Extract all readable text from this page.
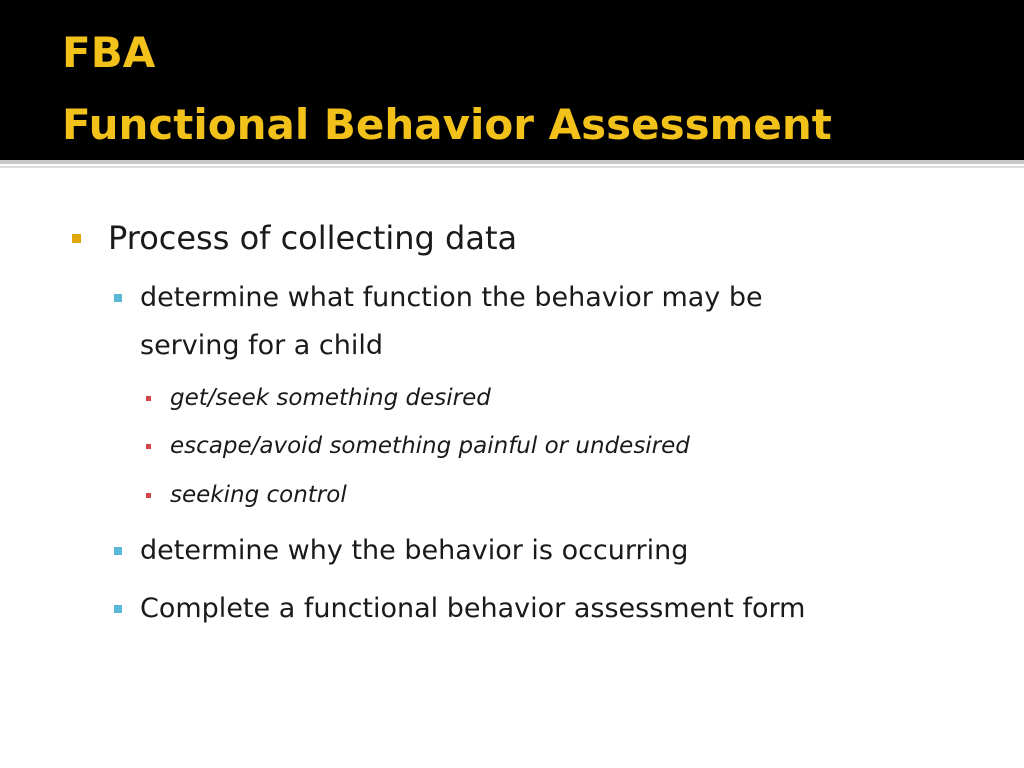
FBA
Functional Behavior Assessment
Process of collecting data
determine what function the behavior may be
serving for a child
get/seek something desired
escape/avoid something painful or undesired
seeking control
determine why the behavior is occurring
Complete a functional behavior assessment form
